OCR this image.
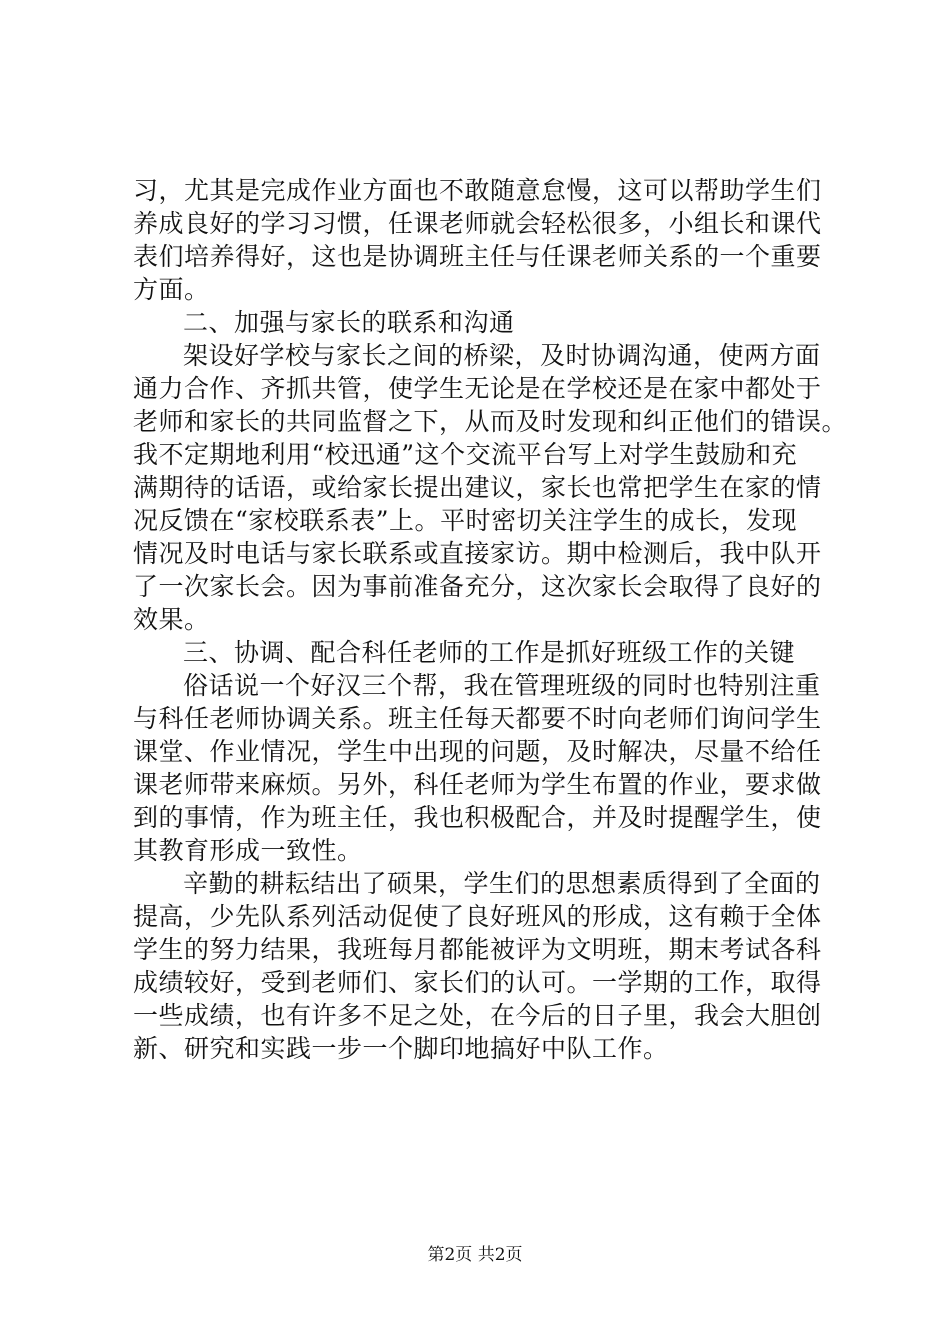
习，尤其是完成作业方面也不敢随意怠慢，这可以帮助学生们
养成良好的学习习惯，任课老师就会轻松很多，小组长和课代
表们培养得好，这也是协调班主任与任课老师关系的一个重要
方面。
二、加强与家长的联系和沟通
架设好学校与家长之间的桥梁，及时协调沟通，使两方面
通力合作、齐抓共管，使学生无论是在学校还是在家中都处于
老师和家长的共同监督之下，从而及时发现和纠正他们的错误。
我不定期地利用“校迅通”这个交流平台写上对学生鼓励和充
满期待的话语，或给家长提出建议，家长也常把学生在家的情
况反馈在“家校联系表”上。平时密切关注学生的成长，发现
情况及时电话与家长联系或直接家访。期中检测后，我中队开
了一次家长会。因为事前准备充分，这次家长会取得了良好的
效果。
三、协调、配合科任老师的工作是抓好班级工作的关键
俗话说一个好汉三个帮，我在管理班级的同时也特别注重
与科任老师协调关系。班主任每天都要不时向老师们询问学生
课堂、作业情况，学生中出现的问题，及时解决，尽量不给任
课老师带来麻烦。另外，科任老师为学生布置的作业，要求做
到的事情，作为班主任，我也积极配合，并及时提醒学生，使
其教育形成一致性。
辛勤的耕耘结出了硕果，学生们的思想素质得到了全面的
提高，少先队系列活动促使了良好班风的形成，这有赖于全体
学生的努力结果，我班每月都能被评为文明班，期末考试各科
成绩较好，受到老师们、家长们的认可。一学期的工作，取得
一些成绩，也有许多不足之处，在今后的日子里，我会大胆创
新、研究和实践一步一个脚印地搞好中队工作。
第2页 共2页
